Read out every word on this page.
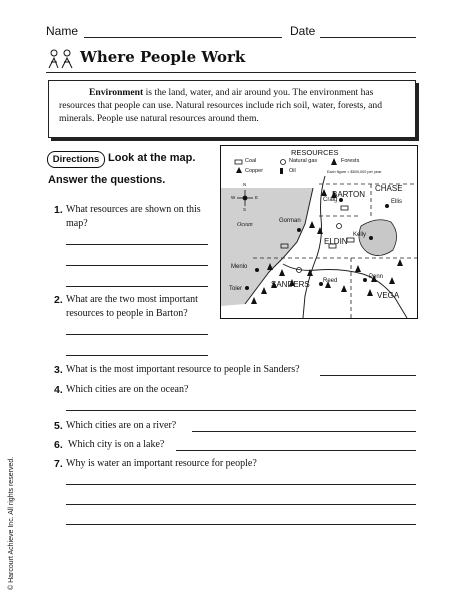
Name	Date
Where People Work
Environment is the land, water, and air around you. The environment has resources that people can use. Natural resources include rich soil, water, forests, and minerals. People use natural resources around them.
Directions Look at the map.
Answer the questions.
RESOURCES
Coal	Natural gas	Forests
Copper	Oil	Each figure = $500,000 per year
N
S
E
W	BARTON
CHASE
ELDIN
SANDERS
VEGA
Craig	Ellis
Gorman
Kelly
Menlo
Reed
Penn
Toler
Ocean
1. What resources are shown on this map?
2. What are the two most important resources to people in Barton?
3. What is the most important resource to people in Sanders?
4. Which cities are on the ocean?
5. Which cities are on a river?
6. Which city is on a lake?
7. Why is water an important resource for people?
© Harcourt Achieve Inc. All rights reserved.
